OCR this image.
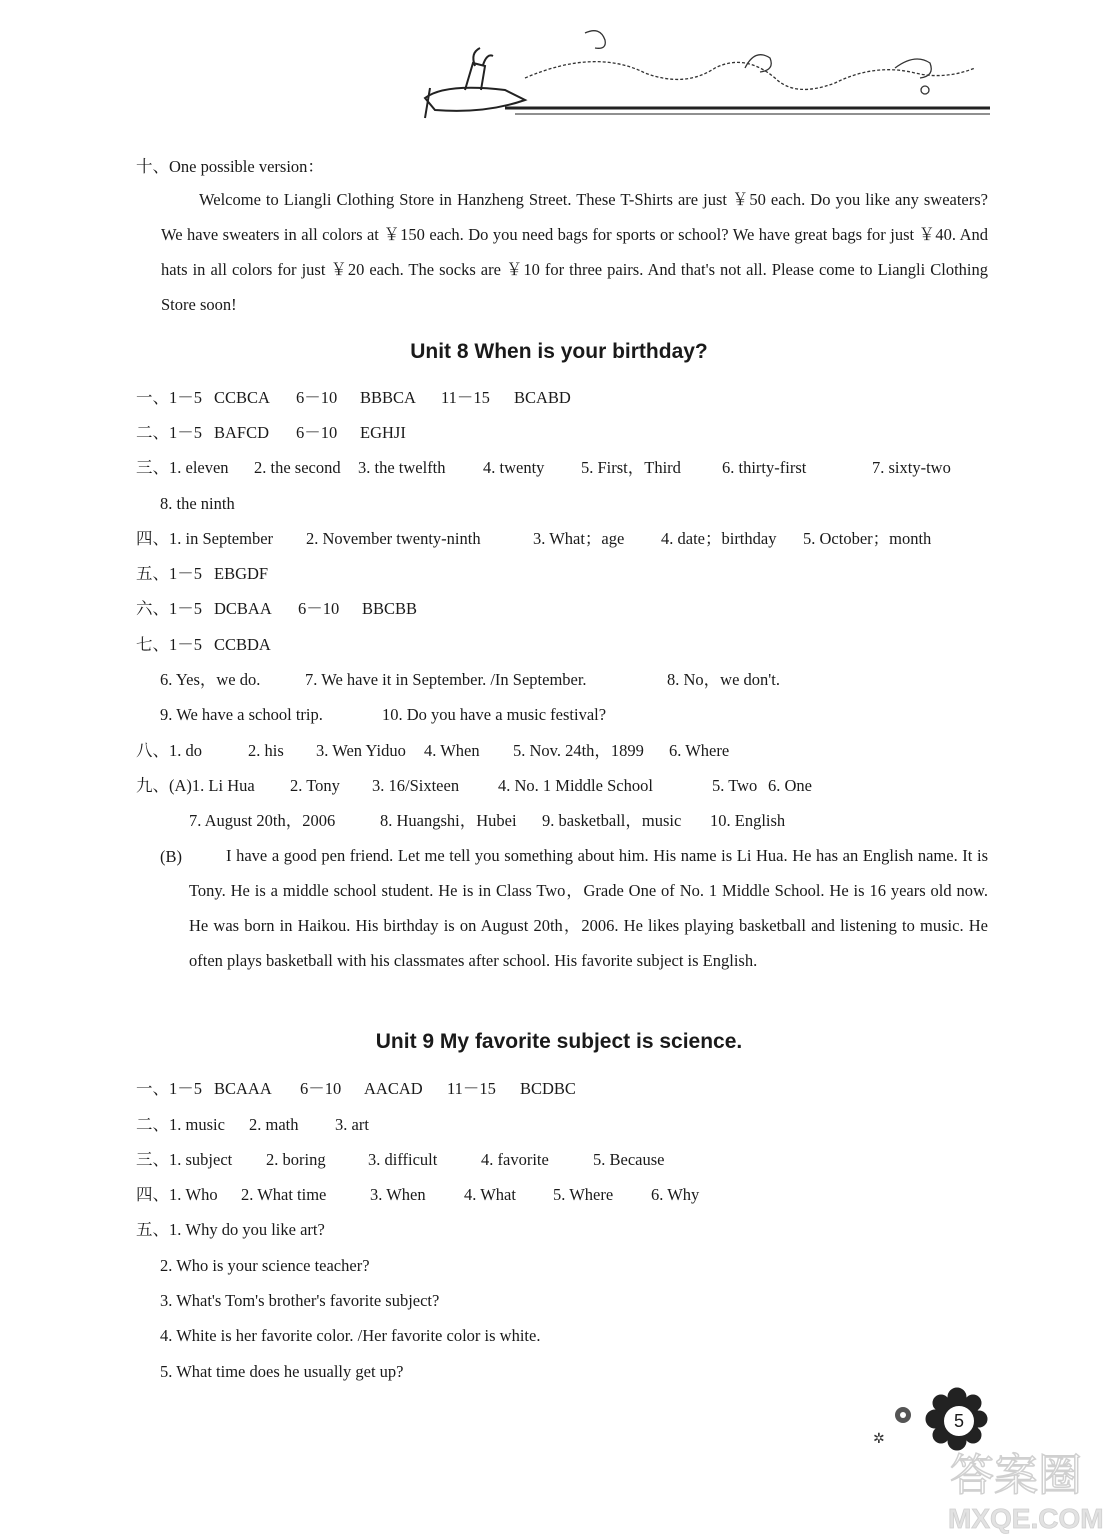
十、One possible version：
Welcome to Liangli Clothing Store in Hanzheng Street. These T-Shirts are just ￥50 each. Do you like any sweaters? We have sweaters in all colors at ￥150 each. Do you need bags for sports or school? We have great bags for just ￥40. And hats in all colors for just ￥20 each. The socks are ￥10 for three pairs. And that's not all. Please come to Liangli Clothing Store soon!
Unit 8 When is your birthday?
一、1－5 CCBCA 6－10 BBBCA 11－15 BCABD
二、1－5 BAFCD 6－10 EGHJI
三、1. eleven 2. the second 3. the twelfth 4. twenty 5. First，Third 6. thirty-first	7. sixty-two
8. the ninth
四、1. in September 2. November twenty-ninth	3. What；age 4. date；birthday 5. October；month
五、1－5 EBGDF
六、1－5 DCBAA 6－10 BBCBB
七、1－5 CCBDA
6. Yes，we do.	7. We have it in September. /In September.	8. No，we don't.
9. We have a school trip.	10. Do you have a music festival?
八、1. do	2. his 3. Wen Yiduo 4. When 5. Nov. 24th，1899 6. Where
九、(A)1. Li Hua 2. Tony 3. 16/Sixteen 4. No. 1 Middle School	5. Two 6. One
7. August 20th，2006	8. Huangshi，Hubei 9. basketball，music 10. English
(B)	I have a good pen friend. Let me tell you something about him. His name is Li Hua. He has an English name. It is Tony. He is a middle school student. He is in Class Two，Grade One of No. 1 Middle School. He is 16 years old now. He was born in Haikou. His birthday is on August 20th，2006. He likes playing basketball and listening to music. He often plays basketball with his classmates after school. His favorite subject is English.
Unit 9 My favorite subject is science.
一、1－5 BCAAA 6－10 AACAD 11－15 BCDBC
二、1. music 2. math 3. art
三、1. subject 2. boring	3. difficult	4. favorite	5. Because
四、1. Who 2. What time	3. When 4. What 5. Where 6. Why
五、1. Why do you like art?
2. Who is your science teacher?
3. What's Tom's brother's favorite subject?
4. White is her favorite color. /Her favorite color is white.
5. What time does he usually get up?
✲
5
答案圈
MXQE.COM
